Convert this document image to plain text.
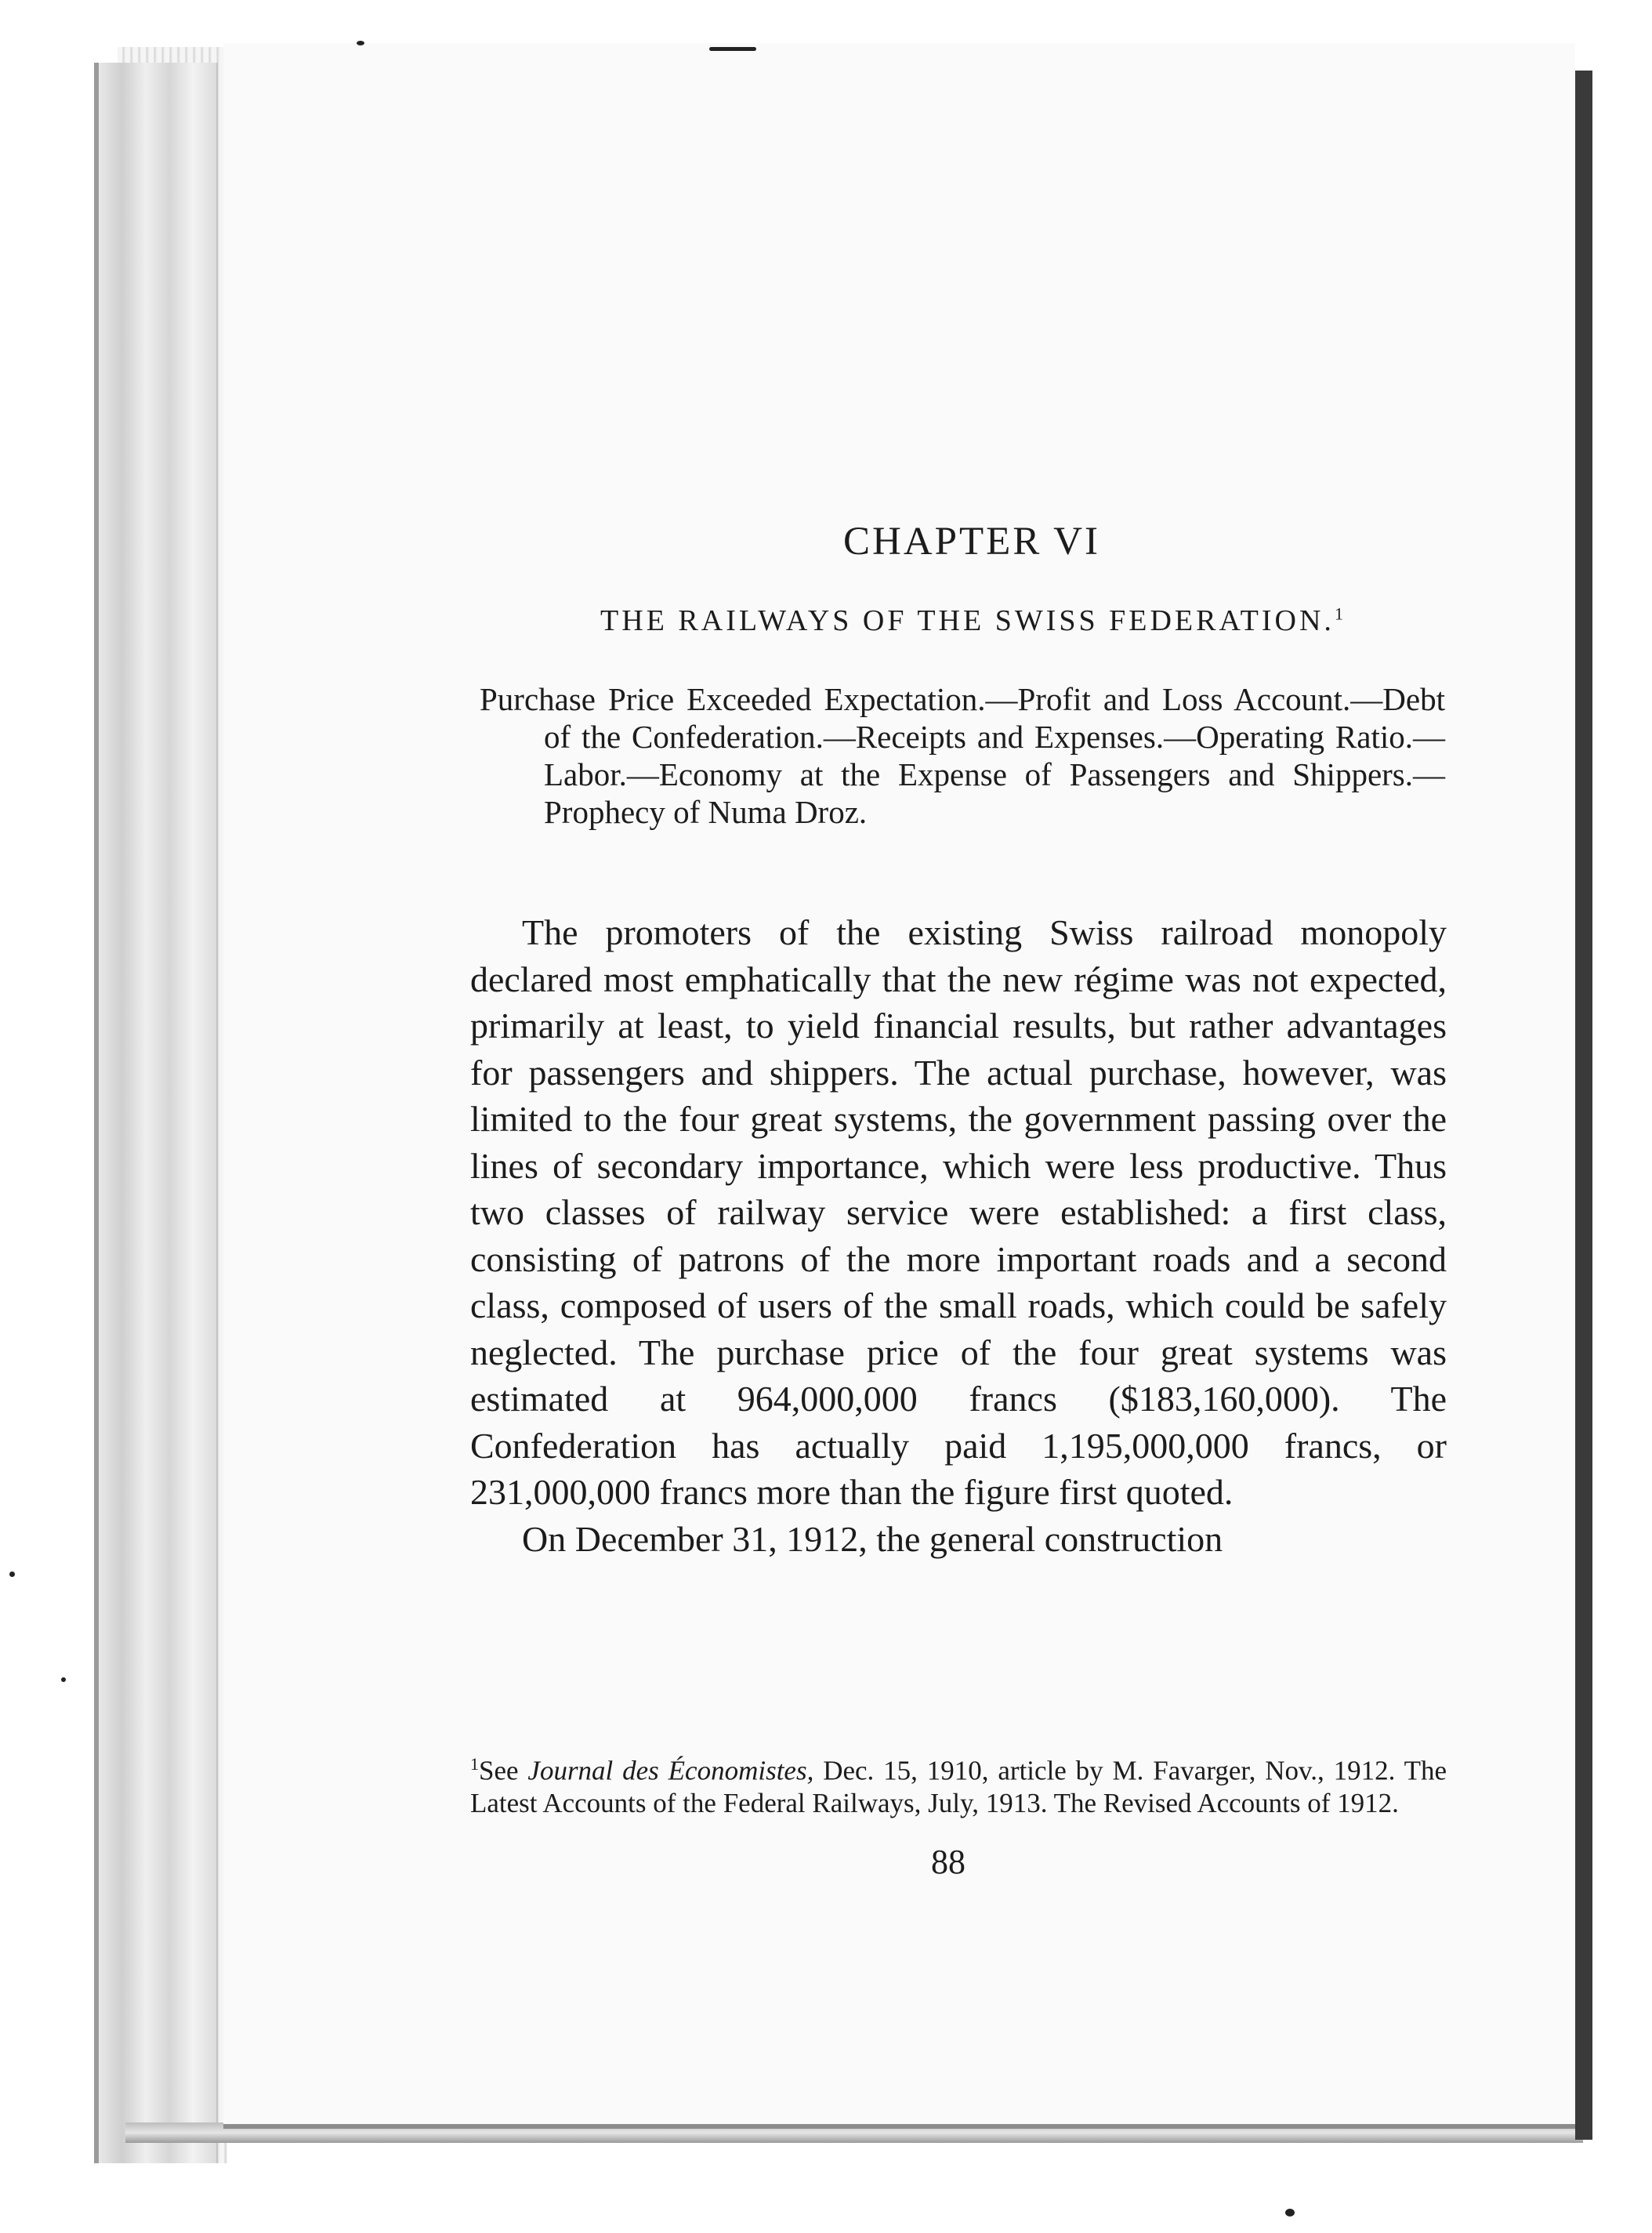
CHAPTER VI
THE RAILWAYS OF THE SWISS FEDERATION.$^1$
Purchase Price Exceeded Expectation.—Profit and Loss Account.—Debt of the Confederation.—Receipts and Expenses.—Operating Ratio.—Labor.—Economy at the Expense of Passengers and Shippers.—Prophecy of Numa Droz.

The promoters of the existing Swiss railroad monopoly declared most emphatically that the new régime was not expected, primarily at least, to yield financial results, but rather advantages for passengers and shippers. The actual purchase, however, was limited to the four great systems, the government passing over the lines of secondary importance, which were less productive. Thus two classes of railway service were established: a first class, consisting of patrons of the more important roads and a second class, composed of users of the small roads, which could be safely neglected. The purchase price of the four great systems was estimated at 964,000,000 francs ($183,160,000). The Confederation has actually paid 1,195,000,000 francs, or 231,000,000 francs more than the figure first quoted.

On December 31, 1912, the general construction

$^1$See Journal des Économistes, Dec. 15, 1910, article by M. Favarger, Nov., 1912. The Latest Accounts of the Federal Railways, July, 1913. The Revised Accounts of 1912.
88
